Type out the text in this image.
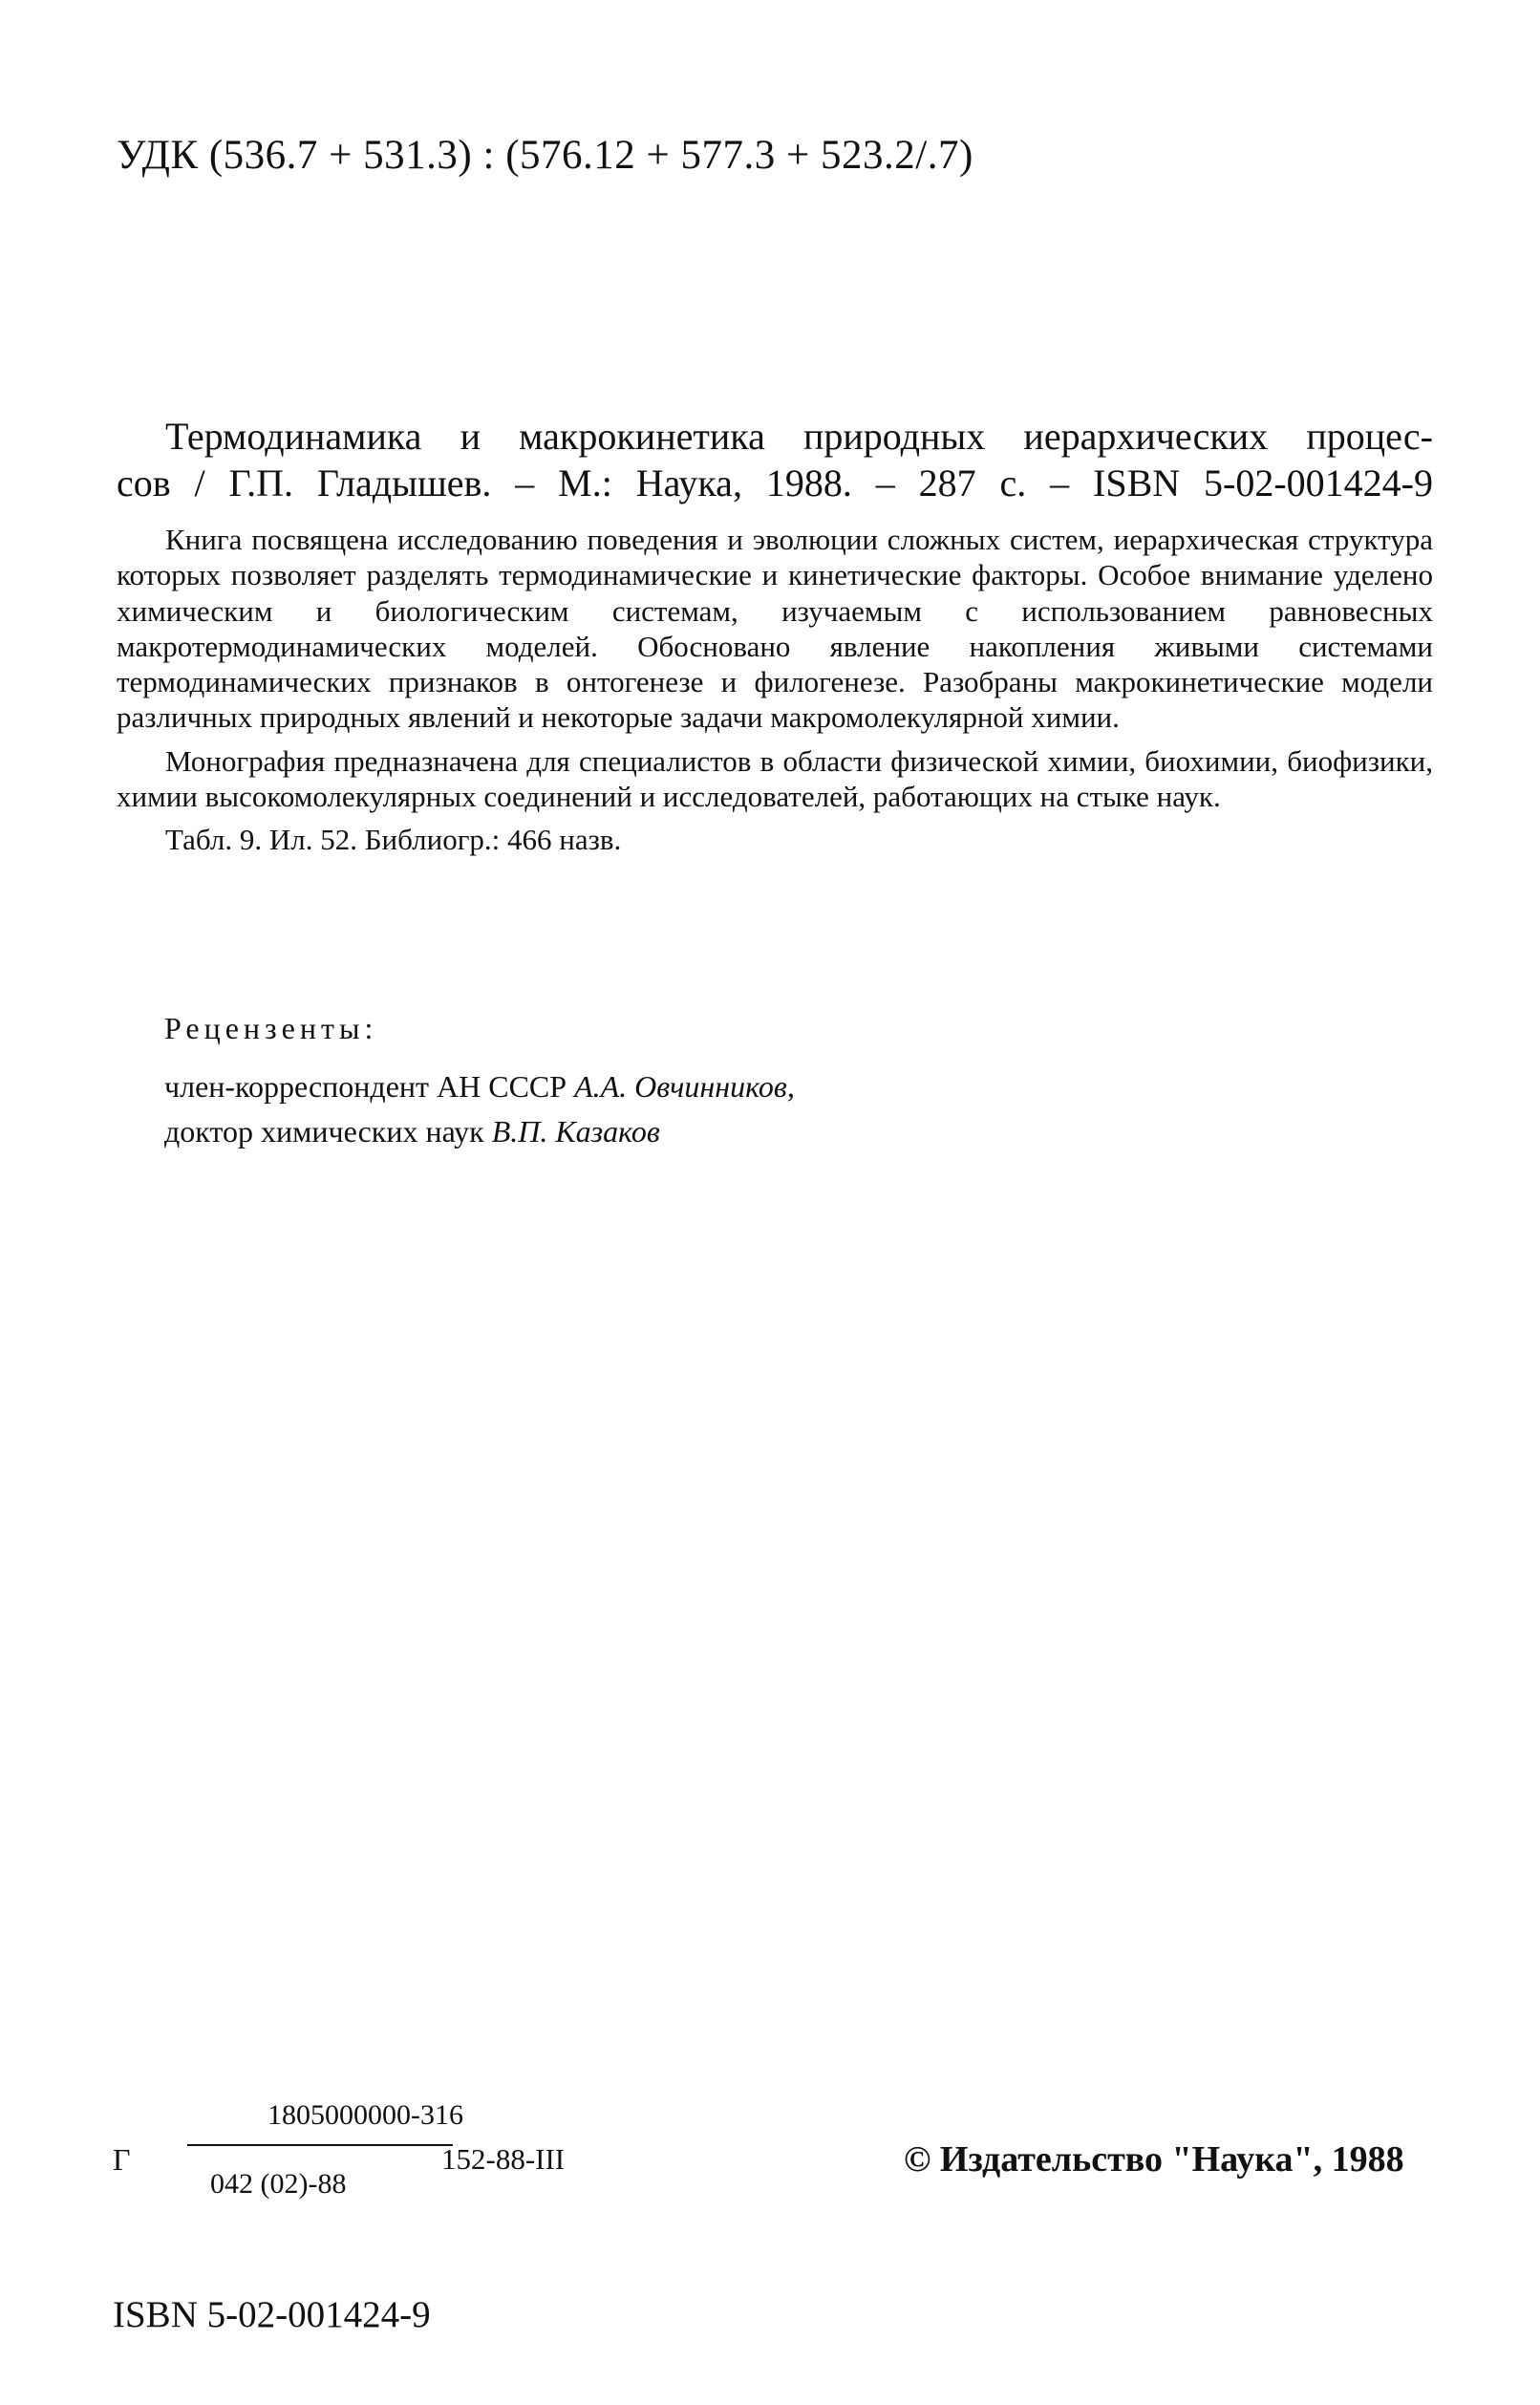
УДК (536.7 + 531.3) : (576.12 + 577.3 + 523.2/.7)
Термодинамика и макрокинетика природных иерархических процес-
сов / Г.П. Гладышев. – М.: Наука, 1988. – 287 с. – ISBN 5-02-001424-9

Книга посвящена исследованию поведения и эволюции сложных систем, иерархическая структура которых позволяет разделять термодинамические и кинетические факторы. Особое внимание уделено химическим и биологическим системам, изучаемым с использованием равновесных макротермодинамических моделей. Обосновано явление накопления живыми системами термодинамических признаков в онтогенезе и филогенезе. Разобраны макрокинетические модели различных природных явлений и некоторые задачи макромолекулярной химии.

Монография предназначена для специалистов в области физической химии, биохимии, биофизики, химии высокомолекулярных соединений и исследователей, работающих на стыке наук.

Табл. 9. Ил. 52. Библиогр.: 466 назв.

Рецензенты:
член-корреспондент АН СССР А.А. Овчинников,
доктор химических наук В.П. Казаков
Г
1805000000-316
042 (02)-88
152-88-III	© Издательство "Наука", 1988
ISBN 5-02-001424-9
